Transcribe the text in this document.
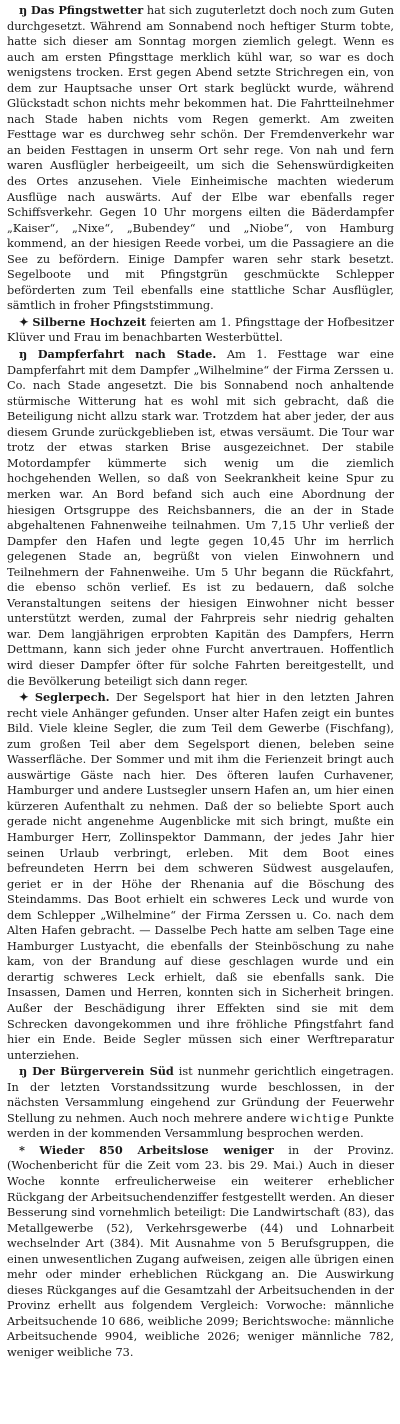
ŋ Das Pfingstwetter hat sich zuguterletzt doch noch zum Guten durchgesetzt. Während am Sonnabend noch heftiger Sturm tobte, hatte sich dieser am Sonntag morgen ziemlich gelegt. Wenn es auch am ersten Pfingsttage merklich kühl war, so war es doch wenigstens trocken. Erst gegen Abend setzte Strichregen ein, von dem zur Hauptsache unser Ort stark beglückt wurde, während Glückstadt schon nichts mehr bekommen hat. Die Fahrtteilnehmer nach Stade haben nichts vom Regen gemerkt. Am zweiten Festtage war es durchweg sehr schön. Der Fremdenverkehr war an beiden Festtagen in unserm Ort sehr rege. Von nah und fern waren Ausflügler herbeigeeilt, um sich die Sehenswürdigkeiten des Ortes anzusehen. Viele Einheimische machten wiederum Ausflüge nach auswärts. Auf der Elbe war ebenfalls reger Schiffsverkehr. Gegen 10 Uhr morgens eilten die Bäderdampfer „Kaiser“, „Nixe“, „Bubendey“ und „Niobe“, von Hamburg kommend, an der hiesigen Reede vorbei, um die Passagiere an die See zu befördern. Einige Dampfer waren sehr stark besetzt. Segelboote und mit Pfingstgrün geschmückte Schlepper beförderten zum Teil ebenfalls eine stattliche Schar Ausflügler, sämtlich in froher Pfingststimmung.

✦ Silberne Hochzeit feierten am 1. Pfingsttage der Hofbesitzer Klüver und Frau im benachbarten Westerbüttel.

ŋ Dampferfahrt nach Stade. Am 1. Festtage war eine Dampferfahrt mit dem Dampfer „Wilhelmine“ der Firma Zerssen u. Co. nach Stade angesetzt. Die bis Sonnabend noch anhaltende stürmische Witterung hat es wohl mit sich gebracht, daß die Beteiligung nicht allzu stark war. Trotzdem hat aber jeder, der aus diesem Grunde zurückgeblieben ist, etwas versäumt. Die Tour war trotz der etwas starken Brise ausgezeichnet. Der stabile Motordampfer kümmerte sich wenig um die ziemlich hochgehenden Wellen, so daß von Seekrankheit keine Spur zu merken war. An Bord befand sich auch eine Abordnung der hiesigen Ortsgruppe des Reichsbanners, die an der in Stade abgehaltenen Fahnenweihe teilnahmen. Um 7,15 Uhr verließ der Dampfer den Hafen und legte gegen 10,45 Uhr im herrlich gelegenen Stade an, begrüßt von vielen Einwohnern und Teilnehmern der Fahnenweihe. Um 5 Uhr begann die Rückfahrt, die ebenso schön verlief. Es ist zu bedauern, daß solche Veranstaltungen seitens der hiesigen Einwohner nicht besser unterstützt werden, zumal der Fahrpreis sehr niedrig gehalten war. Dem langjährigen erprobten Kapitän des Dampfers, Herrn Dettmann, kann sich jeder ohne Furcht anvertrauen. Hoffentlich wird dieser Dampfer öfter für solche Fahrten bereitgestellt, und die Bevölkerung beteiligt sich dann reger.

✦ Seglerpech. Der Segelsport hat hier in den letzten Jahren recht viele Anhänger gefunden. Unser alter Hafen zeigt ein buntes Bild. Viele kleine Segler, die zum Teil dem Gewerbe (Fischfang), zum großen Teil aber dem Segelsport dienen, beleben seine Wasserfläche. Der Sommer und mit ihm die Ferienzeit bringt auch auswärtige Gäste nach hier. Des öfteren laufen Curhavener, Hamburger und andere Lustsegler unsern Hafen an, um hier einen kürzeren Aufenthalt zu nehmen. Daß der so beliebte Sport auch gerade nicht angenehme Augenblicke mit sich bringt, mußte ein Hamburger Herr, Zollinspektor Dammann, der jedes Jahr hier seinen Urlaub verbringt, erleben. Mit dem Boot eines befreundeten Herrn bei dem schweren Südwest ausgelaufen, geriet er in der Höhe der Rhenania auf die Böschung des Steindamms. Das Boot erhielt ein schweres Leck und wurde von dem Schlepper „Wilhelmine“ der Firma Zerssen u. Co. nach dem Alten Hafen gebracht. — Dasselbe Pech hatte am selben Tage eine Hamburger Lustyacht, die ebenfalls der Steinböschung zu nahe kam, von der Brandung auf diese geschlagen wurde und ein derartig schweres Leck erhielt, daß sie ebenfalls sank. Die Insassen, Damen und Herren, konnten sich in Sicherheit bringen. Außer der Beschädigung ihrer Effekten sind sie mit dem Schrecken davongekommen und ihre fröhliche Pfingstfahrt fand hier ein Ende. Beide Segler müssen sich einer Werftreparatur unterziehen.

ŋ Der Bürgerverein Süd ist nunmehr gerichtlich eingetragen. In der letzten Vorstandssitzung wurde beschlossen, in der nächsten Versammlung eingehend zur Gründung der Feuerwehr Stellung zu nehmen. Auch noch mehrere andere wichtige Punkte werden in der kommenden Versammlung besprochen werden.

* Wieder 850 Arbeitslose weniger in der Provinz. (Wochenbericht für die Zeit vom 23. bis 29. Mai.) Auch in dieser Woche konnte erfreulicherweise ein weiterer erheblicher Rückgang der Arbeitsuchendenziffer festgestellt werden. An dieser Besserung sind vornehmlich beteiligt: Die Landwirtschaft (83), das Metallgewerbe (52), Verkehrsgewerbe (44) und Lohnarbeit wechselnder Art (384). Mit Ausnahme von 5 Berufsgruppen, die einen unwesentlichen Zugang aufweisen, zeigen alle übrigen einen mehr oder minder erheblichen Rückgang an. Die Auswirkung dieses Rückganges auf die Gesamtzahl der Arbeitsuchenden in der Provinz erhellt aus folgendem Vergleich: Vorwoche: männliche Arbeitsuchende 10 686, weibliche 2099; Berichtswoche: männliche Arbeitsuchende 9904, weibliche 2026; weniger männliche 782, weniger weibliche 73.
